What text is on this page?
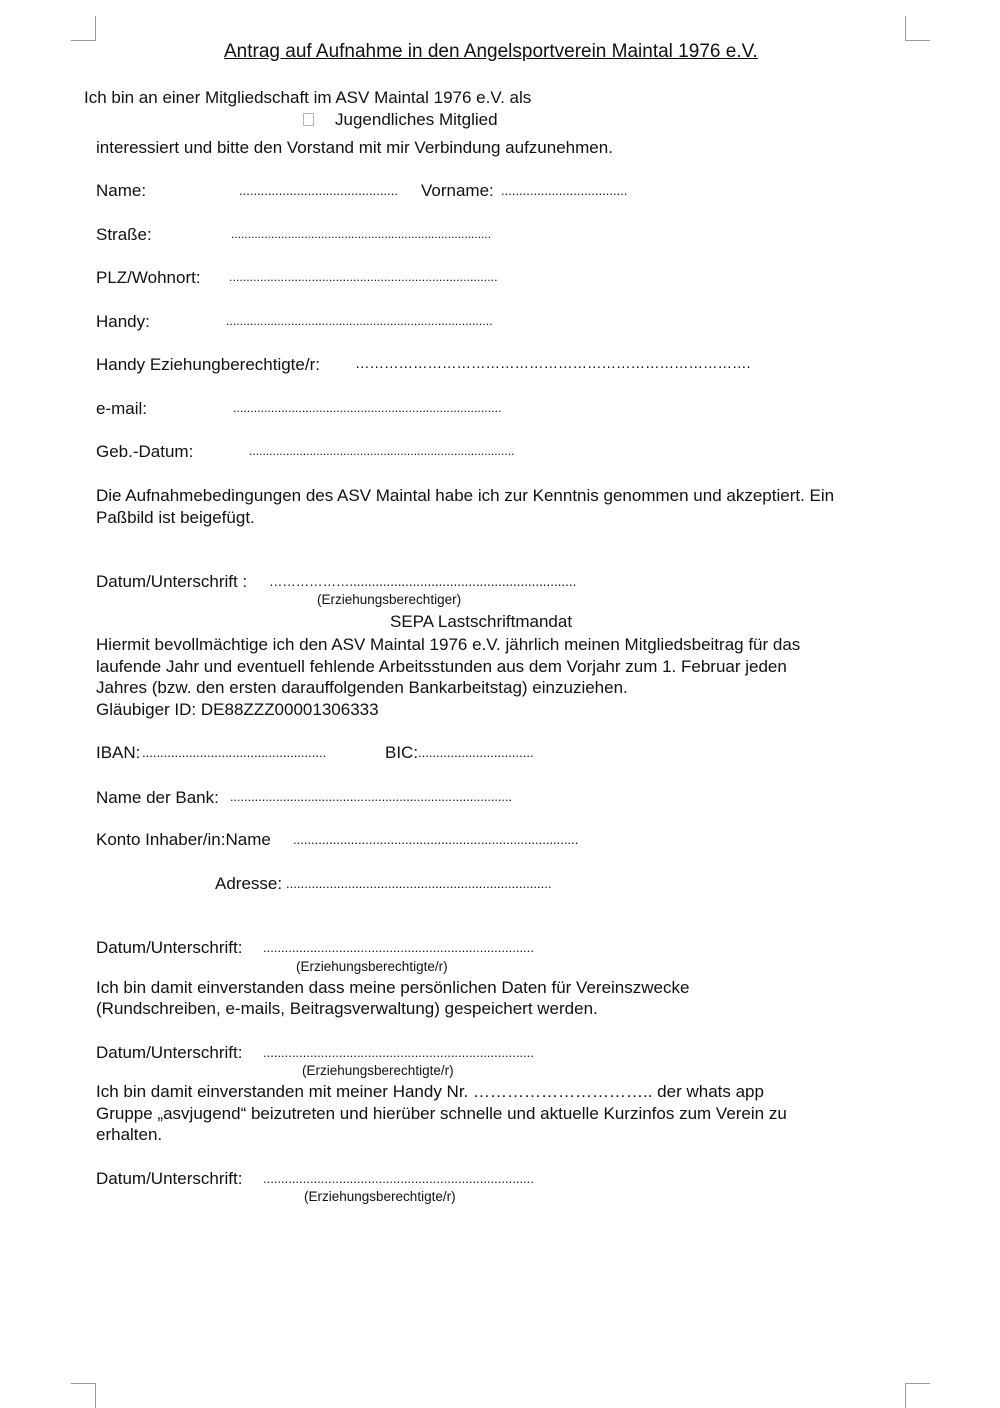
Antrag auf Aufnahme in den Angelsportverein Maintal 1976 e.V.
Ich bin an einer Mitgliedschaft im ASV Maintal 1976 e.V. als
Jugendliches Mitglied
interessiert und bitte den Vorstand mit mir Verbindung aufzunehmen.
Name:	............................................ Vorname: ...................................
Straße:	..............................................................................
PLZ/Wohnort: ..............................................................................
Handy:	..............................................................................
Handy Eziehungberechtigte/r: ……………………………………………………………………….
e-mail:	..............................................................................
Geb.-Datum:	...............................................................................
Die Aufnahmebedingungen des ASV Maintal habe ich zur Kenntnis genommen und akzeptiert. Ein
Paßbild ist beigefügt.
Datum/Unterschrift : ……………….............................................................
(Erziehungsberechtiger)
SEPA Lastschriftmandat
Hiermit bevollmächtige ich den ASV Maintal 1976 e.V. jährlich meinen Mitgliedsbeitrag für das
laufende Jahr und eventuell fehlende Arbeitsstunden aus dem Vorjahr zum 1. Februar jeden
Jahres (bzw. den ersten darauffolgenden Bankarbeitstag) einzuziehen.
Gläubiger ID: DE88ZZZ00001306333
IBAN: ...................................................	BIC: ................................
Name der Bank: ................................................................................
Konto Inhaber/in:Name ...............................................................................
Adresse: .........................................................................
Datum/Unterschrift: ...........................................................................
(Erziehungsberechtigte/r)
Ich bin damit einverstanden dass meine persönlichen Daten für Vereinszwecke
(Rundschreiben, e-mails, Beitragsverwaltung) gespeichert werden.
Datum/Unterschrift: ...........................................................................
(Erziehungsberechtigte/r)
Ich bin damit einverstanden mit meiner Handy Nr. ………………………….. der whats app
Gruppe „asvjugend“ beizutreten und hierüber schnelle und aktuelle Kurzinfos zum Verein zu
erhalten.
Datum/Unterschrift: ...........................................................................
(Erziehungsberechtigte/r)
